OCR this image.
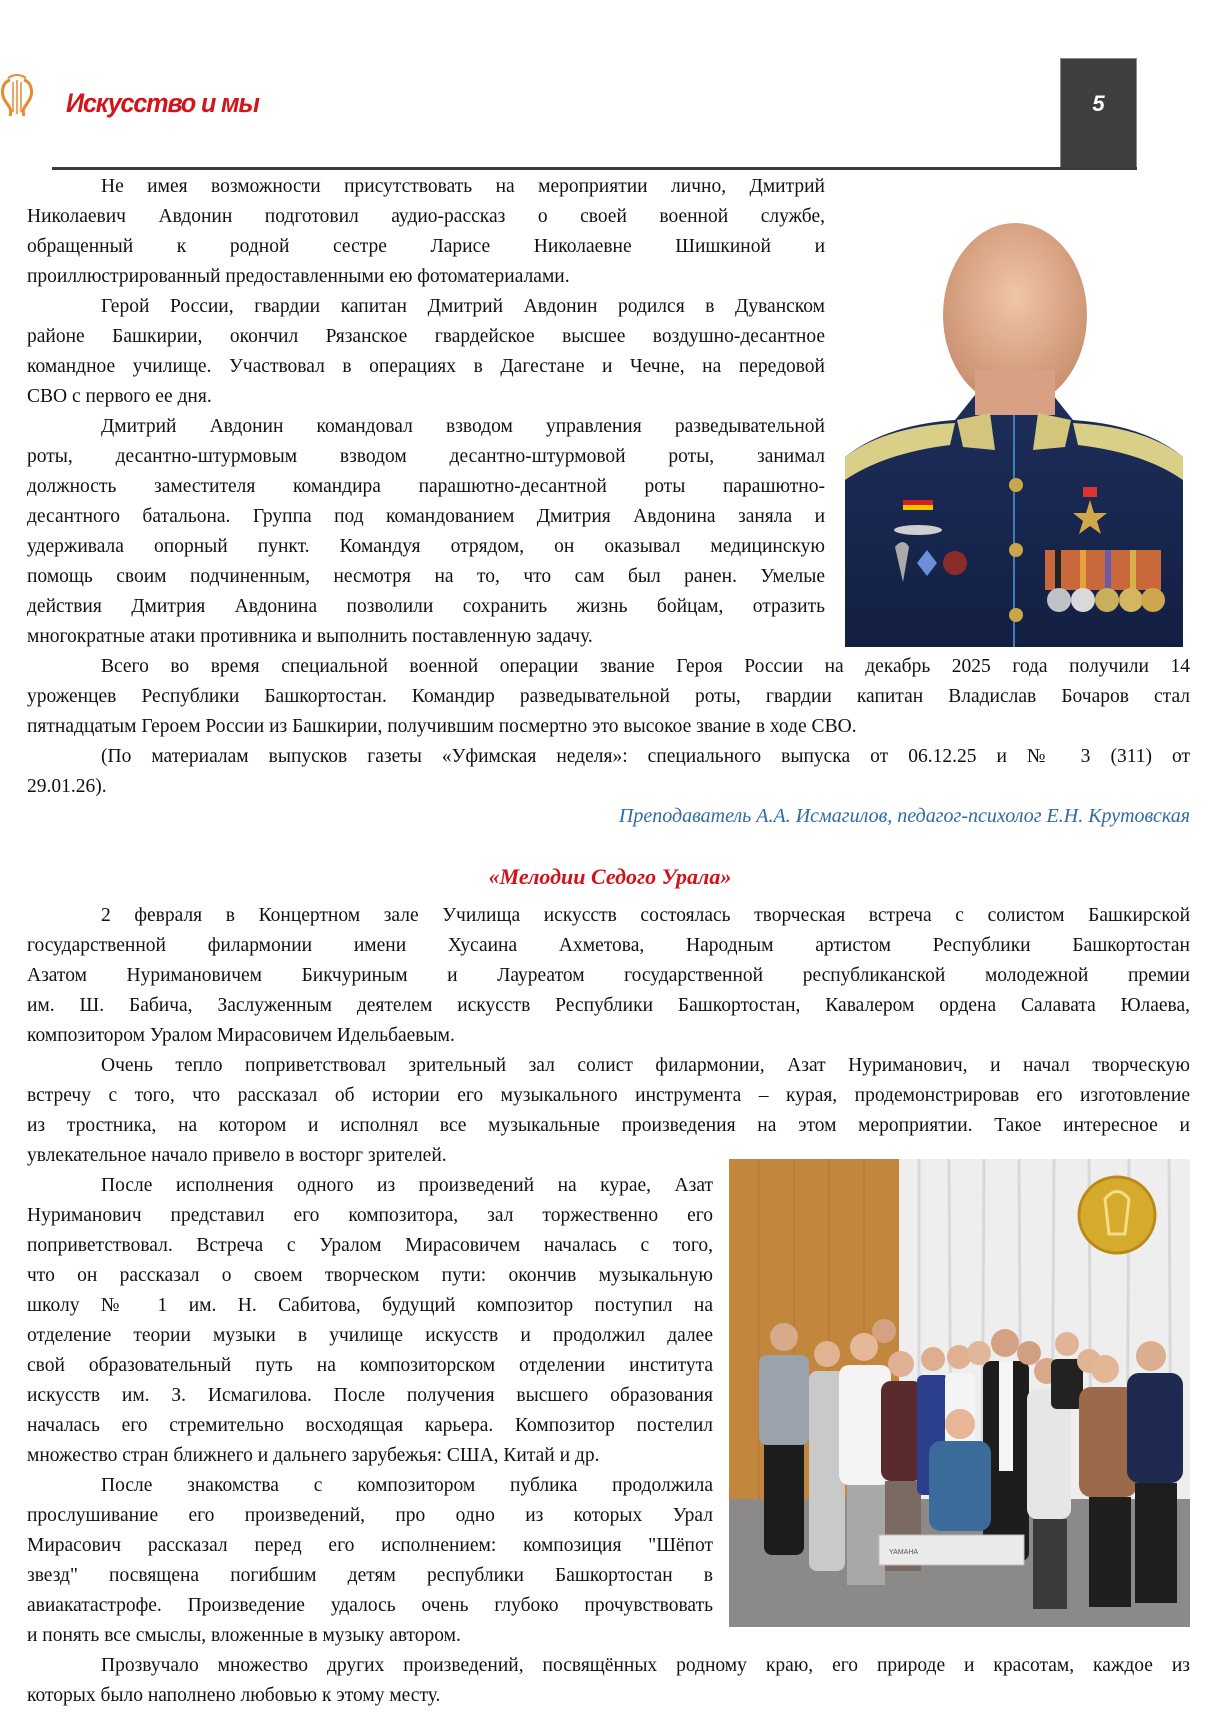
Искусство и мы	5
Не имея возможности присутствовать на мероприятии лично, Дмитрий
Николаевич Авдонин подготовил аудио-рассказ о своей военной службе,
обращенный к родной сестре Ларисе Николаевне Шишкиной и
проиллюстрированный предоставленными ею фотоматериалами.
Герой России, гвардии капитан Дмитрий Авдонин родился в Дуванском
районе Башкирии, окончил Рязанское гвардейское высшее воздушно-десантное
командное училище. Участвовал в операциях в Дагестане и Чечне, на передовой
СВО с первого ее дня.
Дмитрий Авдонин командовал взводом управления разведывательной
роты, десантно-штурмовым взводом десантно-штурмовой роты, занимал
должность заместителя командира парашютно-десантной роты парашютно-
десантного батальона. Группа под командованием Дмитрия Авдонина заняла и
удерживала опорный пункт. Командуя отрядом, он оказывал медицинскую
помощь своим подчиненным, несмотря на то, что сам был ранен. Умелые
действия Дмитрия Авдонина позволили сохранить жизнь бойцам, отразить
многократные атаки противника и выполнить поставленную задачу.
Всего во время специальной военной операции звание Героя России на декабрь 2025 года получили 14
уроженцев Республики Башкортостан. Командир разведывательной роты, гвардии капитан Владислав Бочаров стал
пятнадцатым Героем России из Башкирии, получившим посмертно это высокое звание в ходе СВО.
(По материалам выпусков газеты «Уфимская неделя»: специального выпуска от 06.12.25 и № 3 (311) от
29.01.26).
Преподаватель А.А. Исмагилов, педагог-психолог Е.Н. Крутовская
«Мелодии Седого Урала»
2 февраля в Концертном зале Училища искусств состоялась творческая встреча с солистом Башкирской
государственной филармонии имени Хусаина Ахметова, Народным артистом Республики Башкортостан
Азатом Нуримановичем Бикчуриным и Лауреатом государственной республиканской молодежной премии
им. Ш. Бабича, Заслуженным деятелем искусств Республики Башкортостан, Кавалером ордена Салавата Юлаева,
композитором Уралом Мирасовичем Идельбаевым.
Очень тепло поприветствовал зрительный зал солист филармонии, Азат Нуриманович, и начал творческую
встречу с того, что рассказал об истории его музыкального инструмента – курая, продемонстрировав его изготовление
из тростника, на котором и исполнял все музыкальные произведения на этом мероприятии. Такое интересное и
увлекательное начало привело в восторг зрителей.
После исполнения одного из произведений на курае, Азат
Нуриманович представил его композитора, зал торжественно его
поприветствовал. Встреча с Уралом Мирасовичем началась с того,
что он рассказал о своем творческом пути: окончив музыкальную
школу № 1 им. Н. Сабитова, будущий композитор поступил на
отделение теории музыки в училище искусств и продолжил далее
свой образовательный путь на композиторском отделении института
искусств им. З. Исмагилова. После получения высшего образования
началась его стремительно восходящая карьера. Композитор постелил
множество стран ближнего и дальнего зарубежья: США, Китай и др.
После знакомства с композитором публика продолжила
прослушивание его произведений, про одно из которых Урал
Мирасович рассказал перед его исполнением: композиция "Шёпот
звезд" посвящена погибшим детям республики Башкортостан в
авиакатастрофе. Произведение удалось очень глубоко прочувствовать
и понять все смыслы, вложенные в музыку автором.
Прозвучало множество других произведений, посвящённых родному краю, его природе и красотам, каждое из
которых было наполнено любовью к этому месту.
YAMAHA
